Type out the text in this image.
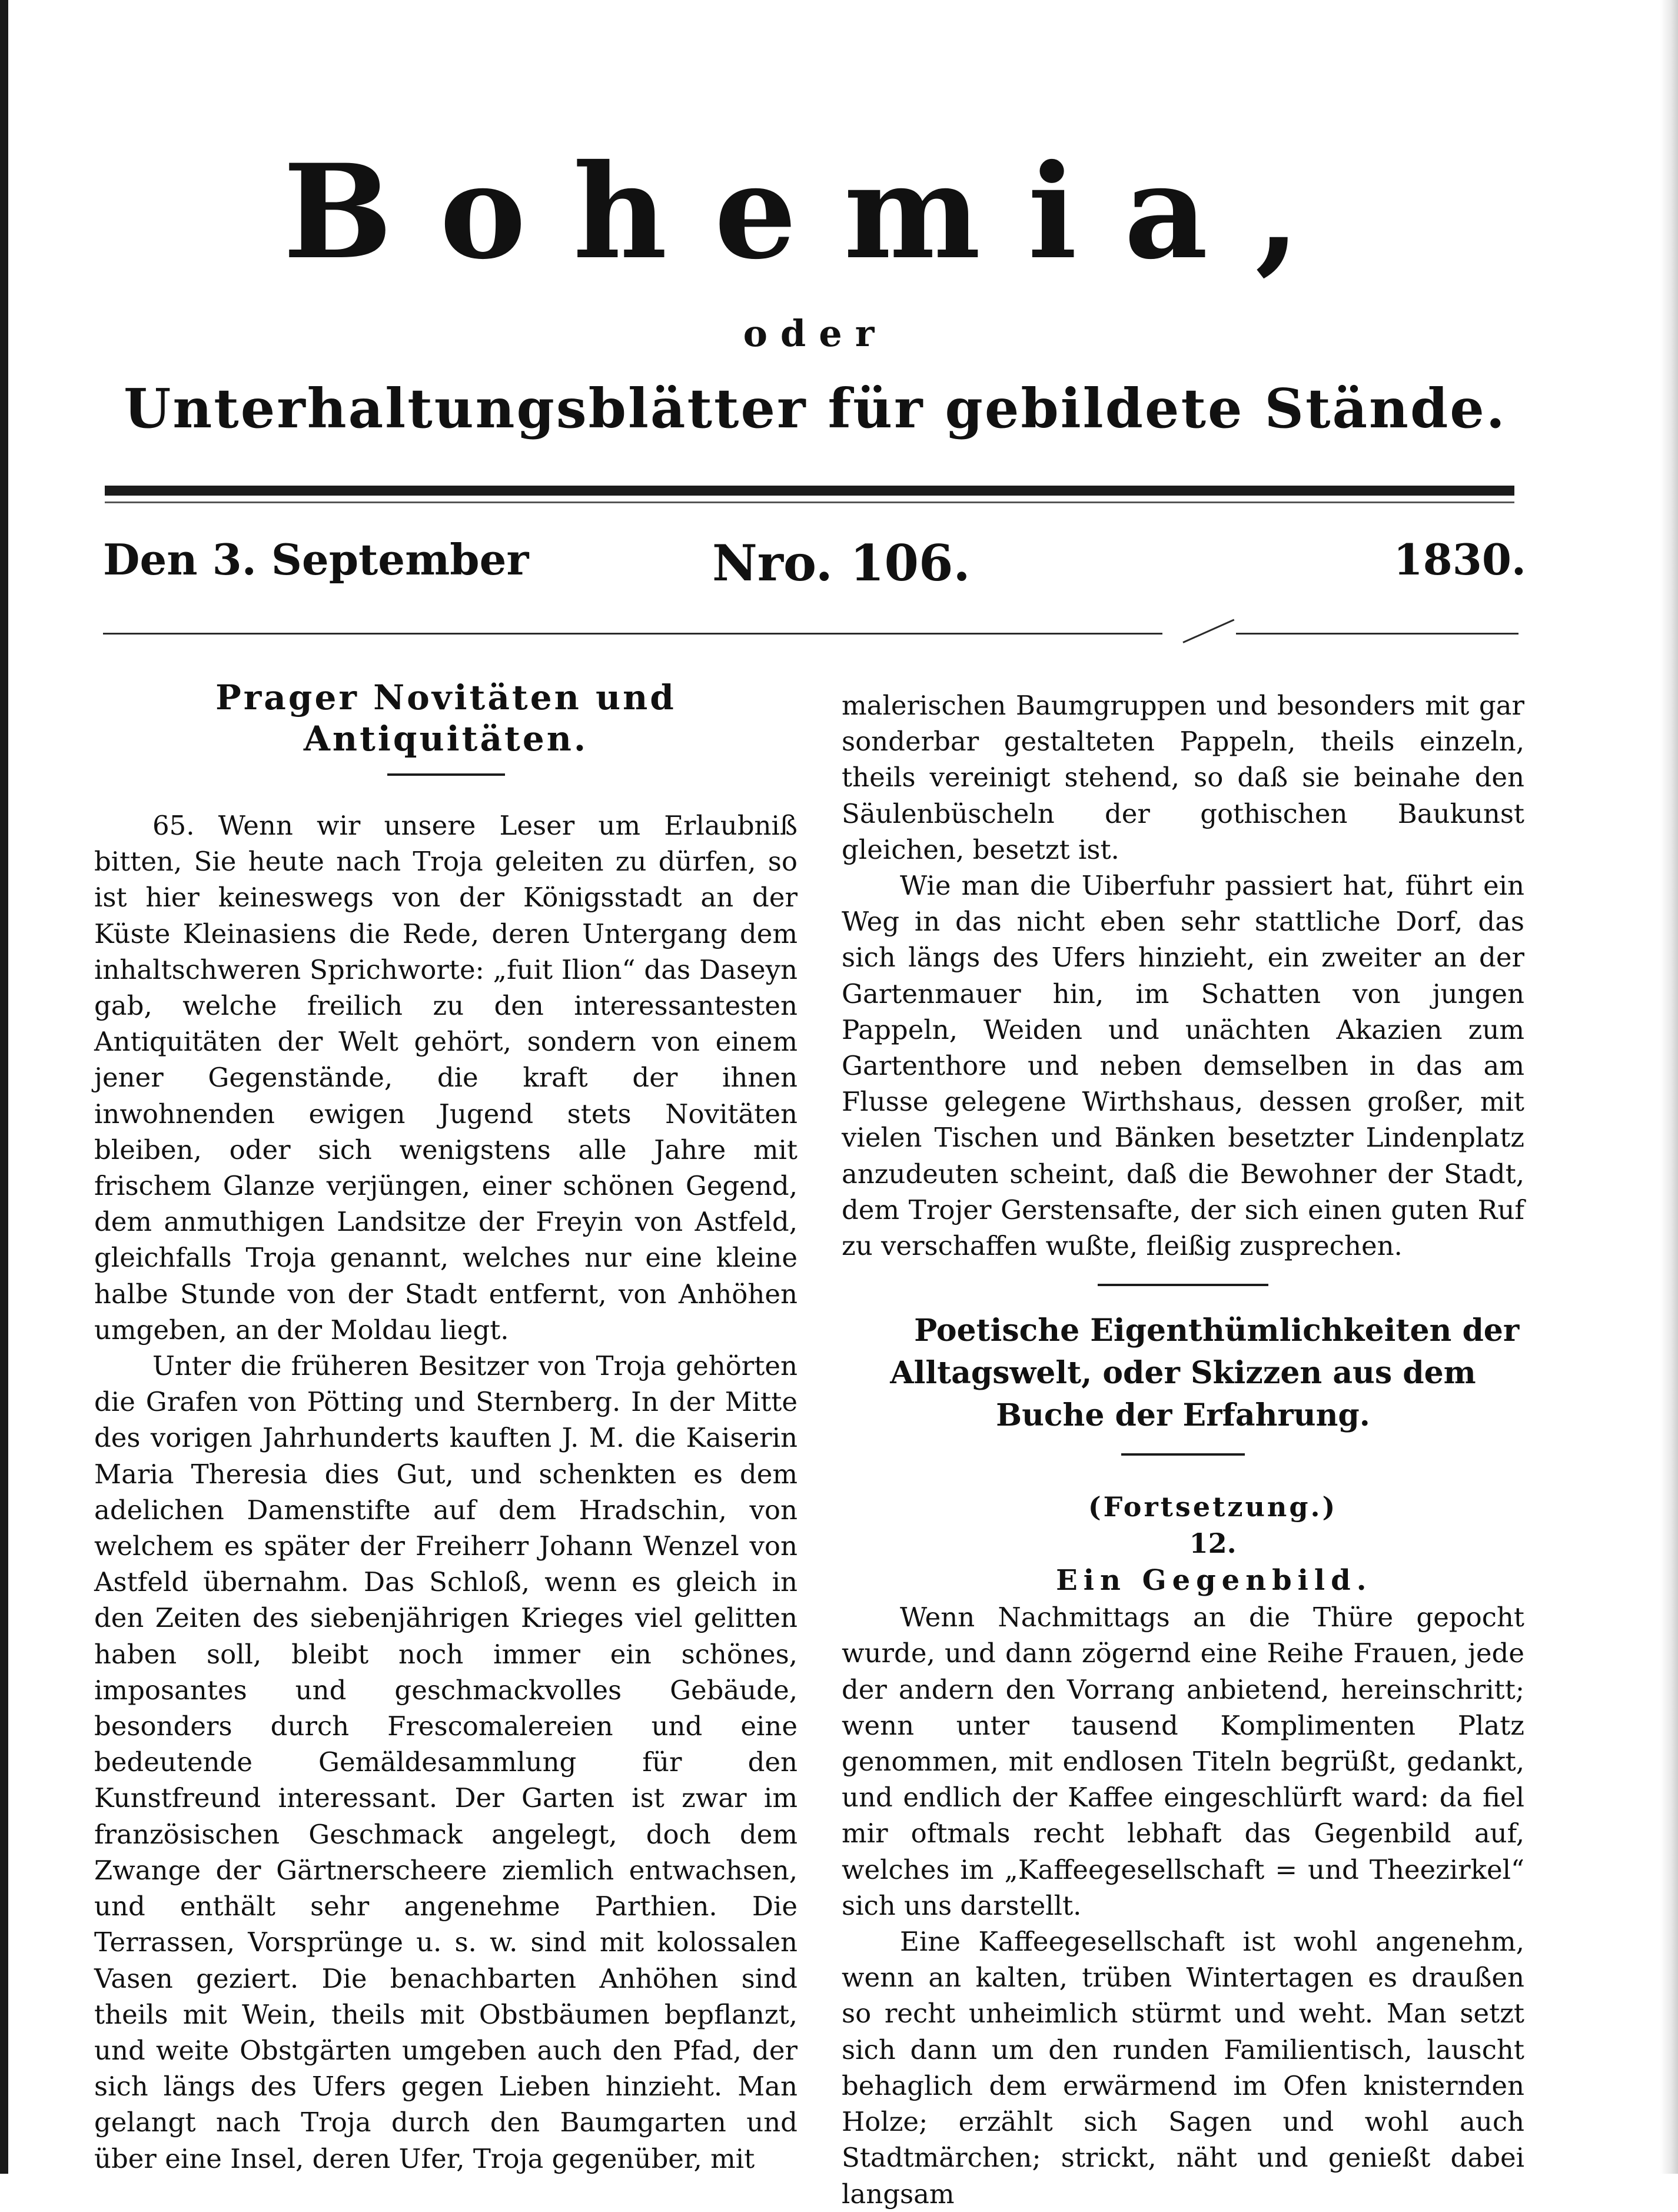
Bohemia,
oder
Unterhaltungsblätter für gebildete Stände.
Den 3. September	Nro. 106.	1830.

Prager Novitäten und Antiquitäten.

65. Wenn wir unsere Leser um Erlaubniß bitten, Sie heute nach Troja geleiten zu dürfen, so ist hier keineswegs von der Königsstadt an der Küste Kleinasiens die Rede, deren Untergang dem inhaltschweren Sprichworte: „fuit Ilion“ das Daseyn gab, welche freilich zu den interessantesten Antiquitäten der Welt gehört, sondern von einem jener Gegenstände, die kraft der ihnen inwohnenden ewigen Jugend stets Novitäten bleiben, oder sich wenigstens alle Jahre mit frischem Glanze verjüngen, einer schönen Gegend, dem anmuthigen Landsitze der Freyin von Astfeld, gleichfalls Troja genannt, welches nur eine kleine halbe Stunde von der Stadt entfernt, von Anhöhen umgeben, an der Moldau liegt.

Unter die früheren Besitzer von Troja gehörten die Grafen von Pötting und Sternberg. In der Mitte des vorigen Jahrhunderts kauften J. M. die Kaiserin Maria Theresia dies Gut, und schenkten es dem adelichen Damenstifte auf dem Hradschin, von welchem es später der Freiherr Johann Wenzel von Astfeld übernahm. Das Schloß, wenn es gleich in den Zeiten des siebenjährigen Krieges viel gelitten haben soll, bleibt noch immer ein schönes, imposantes und geschmackvolles Gebäude, besonders durch Frescomalereien und eine bedeutende Gemäldesammlung für den Kunstfreund interessant. Der Garten ist zwar im französischen Geschmack angelegt, doch dem Zwange der Gärtnerscheere ziemlich entwachsen, und enthält sehr angenehme Parthien. Die Terrassen, Vorsprünge u. s. w. sind mit kolossalen Vasen geziert. Die benachbarten Anhöhen sind theils mit Wein, theils mit Obstbäumen bepflanzt, und weite Obstgärten umgeben auch den Pfad, der sich längs des Ufers gegen Lieben hinzieht. Man gelangt nach Troja durch den Baumgarten und über eine Insel, deren Ufer, Troja gegenüber, mit

malerischen Baumgruppen und besonders mit gar sonderbar gestalteten Pappeln, theils einzeln, theils vereinigt stehend, so daß sie beinahe den Säulenbüscheln der gothischen Baukunst gleichen, besetzt ist.

Wie man die Uiberfuhr passiert hat, führt ein Weg in das nicht eben sehr stattliche Dorf, das sich längs des Ufers hinzieht, ein zweiter an der Gartenmauer hin, im Schatten von jungen Pappeln, Weiden und unächten Akazien zum Gartenthore und neben demselben in das am Flusse gelegene Wirthshaus, dessen großer, mit vielen Tischen und Bänken besetzter Lindenplatz anzudeuten scheint, daß die Bewohner der Stadt, dem Trojer Gerstensafte, der sich einen guten Ruf zu verschaffen wußte, fleißig zusprechen.

Poetische Eigenthümlichkeiten der Alltagswelt, oder Skizzen aus dem Buche der Erfahrung.

(Fortsetzung.)

12.

Ein Gegenbild.

Wenn Nachmittags an die Thüre gepocht wurde, und dann zögernd eine Reihe Frauen, jede der andern den Vorrang anbietend, hereinschritt; wenn unter tausend Komplimenten Platz genommen, mit endlosen Titeln begrüßt, gedankt, und endlich der Kaffee eingeschlürft ward: da fiel mir oftmals recht lebhaft das Gegenbild auf, welches im „Kaffeegesellschaft = und Theezirkel“ sich uns darstellt.

Eine Kaffeegesellschaft ist wohl angenehm, wenn an kalten, trüben Wintertagen es draußen so recht unheimlich stürmt und weht. Man setzt sich dann um den runden Familientisch, lauscht behaglich dem erwärmend im Ofen knisternden Holze; erzählt sich Sagen und wohl auch Stadtmärchen; strickt, näht und genießt dabei langsam
